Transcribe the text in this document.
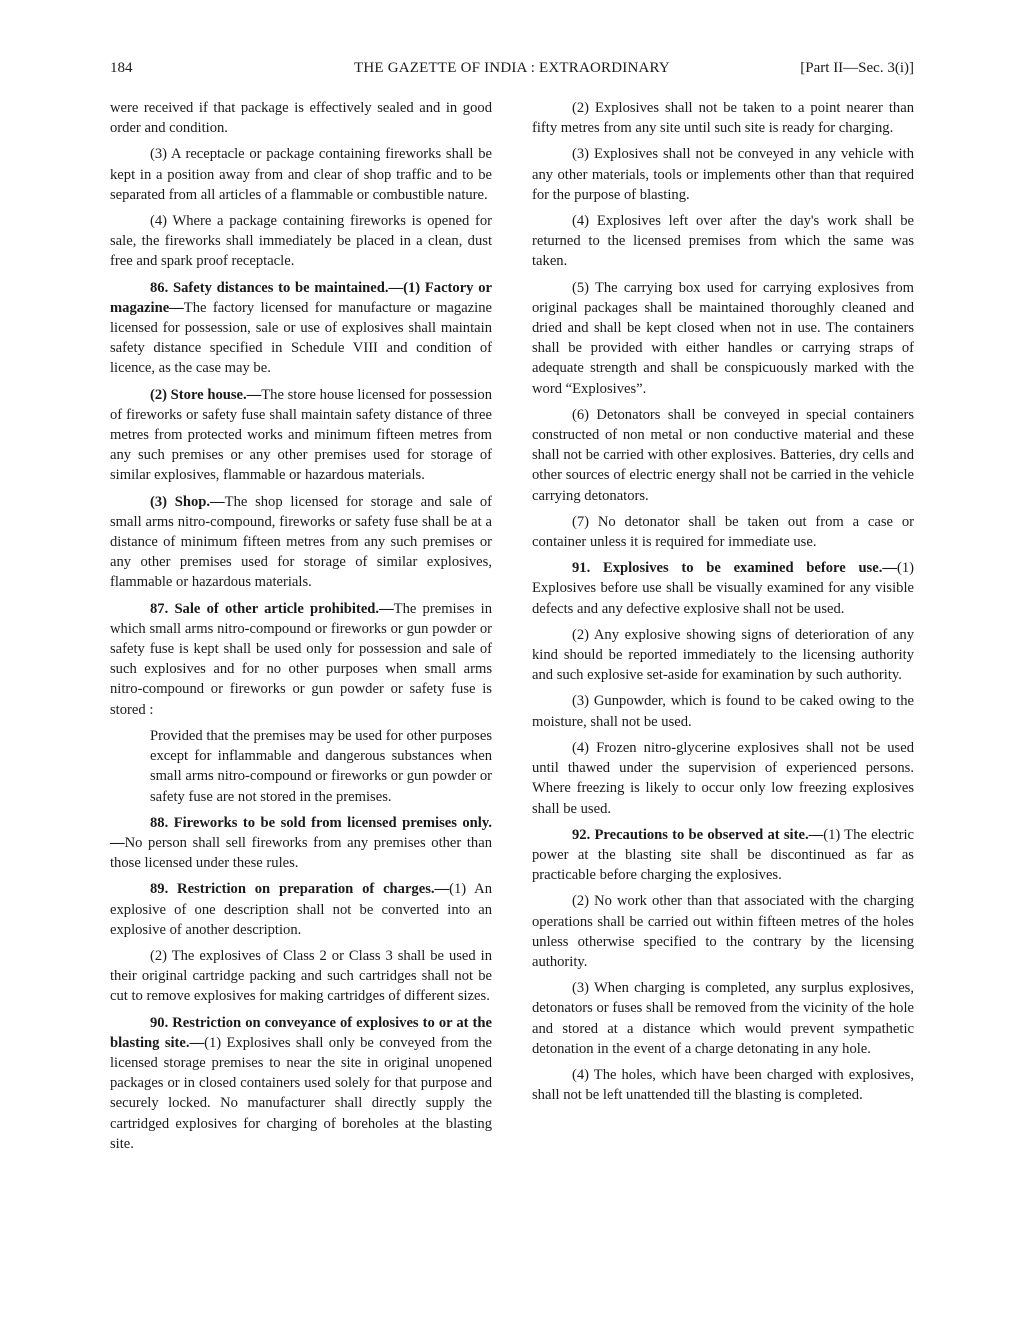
184	THE GAZETTE OF INDIA : EXTRAORDINARY	[Part II—Sec. 3(i)]

were received if that package is effectively sealed and in good order and condition.

(3) A receptacle or package containing fireworks shall be kept in a position away from and clear of shop traffic and to be separated from all articles of a flammable or combustible nature.

(4) Where a package containing fireworks is opened for sale, the fireworks shall immediately be placed in a clean, dust free and spark proof receptacle.

86. Safety distances to be maintained.—(1) Factory or magazine—The factory licensed for manufacture or magazine licensed for possession, sale or use of explosives shall maintain safety distance specified in Schedule VIII and condition of licence, as the case may be.

(2) Store house.—The store house licensed for possession of fireworks or safety fuse shall maintain safety distance of three metres from protected works and minimum fifteen metres from any such premises or any other premises used for storage of similar explosives, flammable or hazardous materials.

(3) Shop.—The shop licensed for storage and sale of small arms nitro-compound, fireworks or safety fuse shall be at a distance of minimum fifteen metres from any such premises or any other premises used for storage of similar explosives, flammable or hazardous materials.

87. Sale of other article prohibited.—The premises in which small arms nitro-compound or fireworks or gun powder or safety fuse is kept shall be used only for possession and sale of such explosives and for no other purposes when small arms nitro-compound or fireworks or gun powder or safety fuse is stored :

Provided that the premises may be used for other purposes except for inflammable and dangerous substances when small arms nitro-compound or fireworks or gun powder or safety fuse are not stored in the premises.

88. Fireworks to be sold from licensed premises only.—No person shall sell fireworks from any premises other than those licensed under these rules.

89. Restriction on preparation of charges.—(1) An explosive of one description shall not be converted into an explosive of another description.

(2) The explosives of Class 2 or Class 3 shall be used in their original cartridge packing and such cartridges shall not be cut to remove explosives for making cartridges of different sizes.

90. Restriction on conveyance of explosives to or at the blasting site.—(1) Explosives shall only be conveyed from the licensed storage premises to near the site in original unopened packages or in closed containers used solely for that purpose and securely locked. No manufacturer shall directly supply the cartridged explosives for charging of boreholes at the blasting site.

(2) Explosives shall not be taken to a point nearer than fifty metres from any site until such site is ready for charging.

(3) Explosives shall not be conveyed in any vehicle with any other materials, tools or implements other than that required for the purpose of blasting.

(4) Explosives left over after the day's work shall be returned to the licensed premises from which the same was taken.

(5) The carrying box used for carrying explosives from original packages shall be maintained thoroughly cleaned and dried and shall be kept closed when not in use. The containers shall be provided with either handles or carrying straps of adequate strength and shall be conspicuously marked with the word “Explosives”.

(6) Detonators shall be conveyed in special containers constructed of non metal or non conductive material and these shall not be carried with other explosives. Batteries, dry cells and other sources of electric energy shall not be carried in the vehicle carrying detonators.

(7) No detonator shall be taken out from a case or container unless it is required for immediate use.

91. Explosives to be examined before use.—(1) Explosives before use shall be visually examined for any visible defects and any defective explosive shall not be used.

(2) Any explosive showing signs of deterioration of any kind should be reported immediately to the licensing authority and such explosive set-aside for examination by such authority.

(3) Gunpowder, which is found to be caked owing to the moisture, shall not be used.

(4) Frozen nitro-glycerine explosives shall not be used until thawed under the supervision of experienced persons. Where freezing is likely to occur only low freezing explosives shall be used.

92. Precautions to be observed at site.—(1) The electric power at the blasting site shall be discontinued as far as practicable before charging the explosives.

(2) No work other than that associated with the charging operations shall be carried out within fifteen metres of the holes unless otherwise specified to the contrary by the licensing authority.

(3) When charging is completed, any surplus explosives, detonators or fuses shall be removed from the vicinity of the hole and stored at a distance which would prevent sympathetic detonation in the event of a charge detonating in any hole.

(4) The holes, which have been charged with explosives, shall not be left unattended till the blasting is completed.
